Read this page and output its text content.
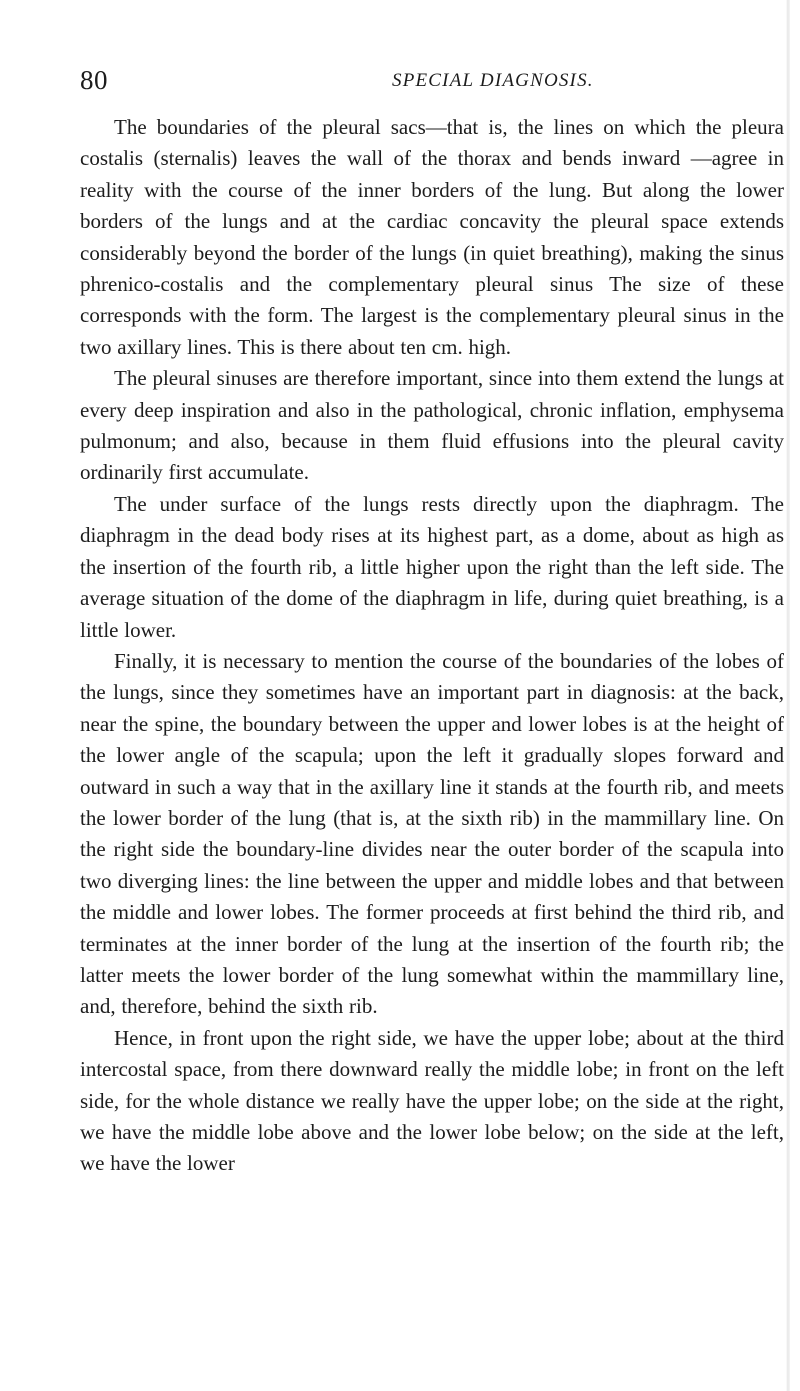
80	SPECIAL DIAGNOSIS.

The boundaries of the pleural sacs—that is, the lines on which the pleura costalis (sternalis) leaves the wall of the thorax and bends inward —agree in reality with the course of the inner borders of the lung. But along the lower borders of the lungs and at the cardiac concavity the pleural space extends considerably beyond the border of the lungs (in quiet breathing), making the sinus phrenico-costalis and the complementary pleural sinus The size of these corresponds with the form. The largest is the complementary pleural sinus in the two axillary lines. This is there about ten cm. high.

The pleural sinuses are therefore important, since into them extend the lungs at every deep inspiration and also in the pathological, chronic inflation, emphysema pulmonum; and also, because in them fluid effusions into the pleural cavity ordinarily first accumulate.

The under surface of the lungs rests directly upon the diaphragm. The diaphragm in the dead body rises at its highest part, as a dome, about as high as the insertion of the fourth rib, a little higher upon the right than the left side. The average situation of the dome of the diaphragm in life, during quiet breathing, is a little lower.

Finally, it is necessary to mention the course of the boundaries of the lobes of the lungs, since they sometimes have an important part in diagnosis: at the back, near the spine, the boundary between the upper and lower lobes is at the height of the lower angle of the scapula; upon the left it gradually slopes forward and outward in such a way that in the axillary line it stands at the fourth rib, and meets the lower border of the lung (that is, at the sixth rib) in the mammillary line. On the right side the boundary-line divides near the outer border of the scapula into two diverging lines: the line between the upper and middle lobes and that between the middle and lower lobes. The former proceeds at first behind the third rib, and terminates at the inner border of the lung at the insertion of the fourth rib; the latter meets the lower border of the lung somewhat within the mammillary line, and, therefore, behind the sixth rib.

Hence, in front upon the right side, we have the upper lobe; about at the third intercostal space, from there downward really the middle lobe; in front on the left side, for the whole distance we really have the upper lobe; on the side at the right, we have the middle lobe above and the lower lobe below; on the side at the left, we have the lower
